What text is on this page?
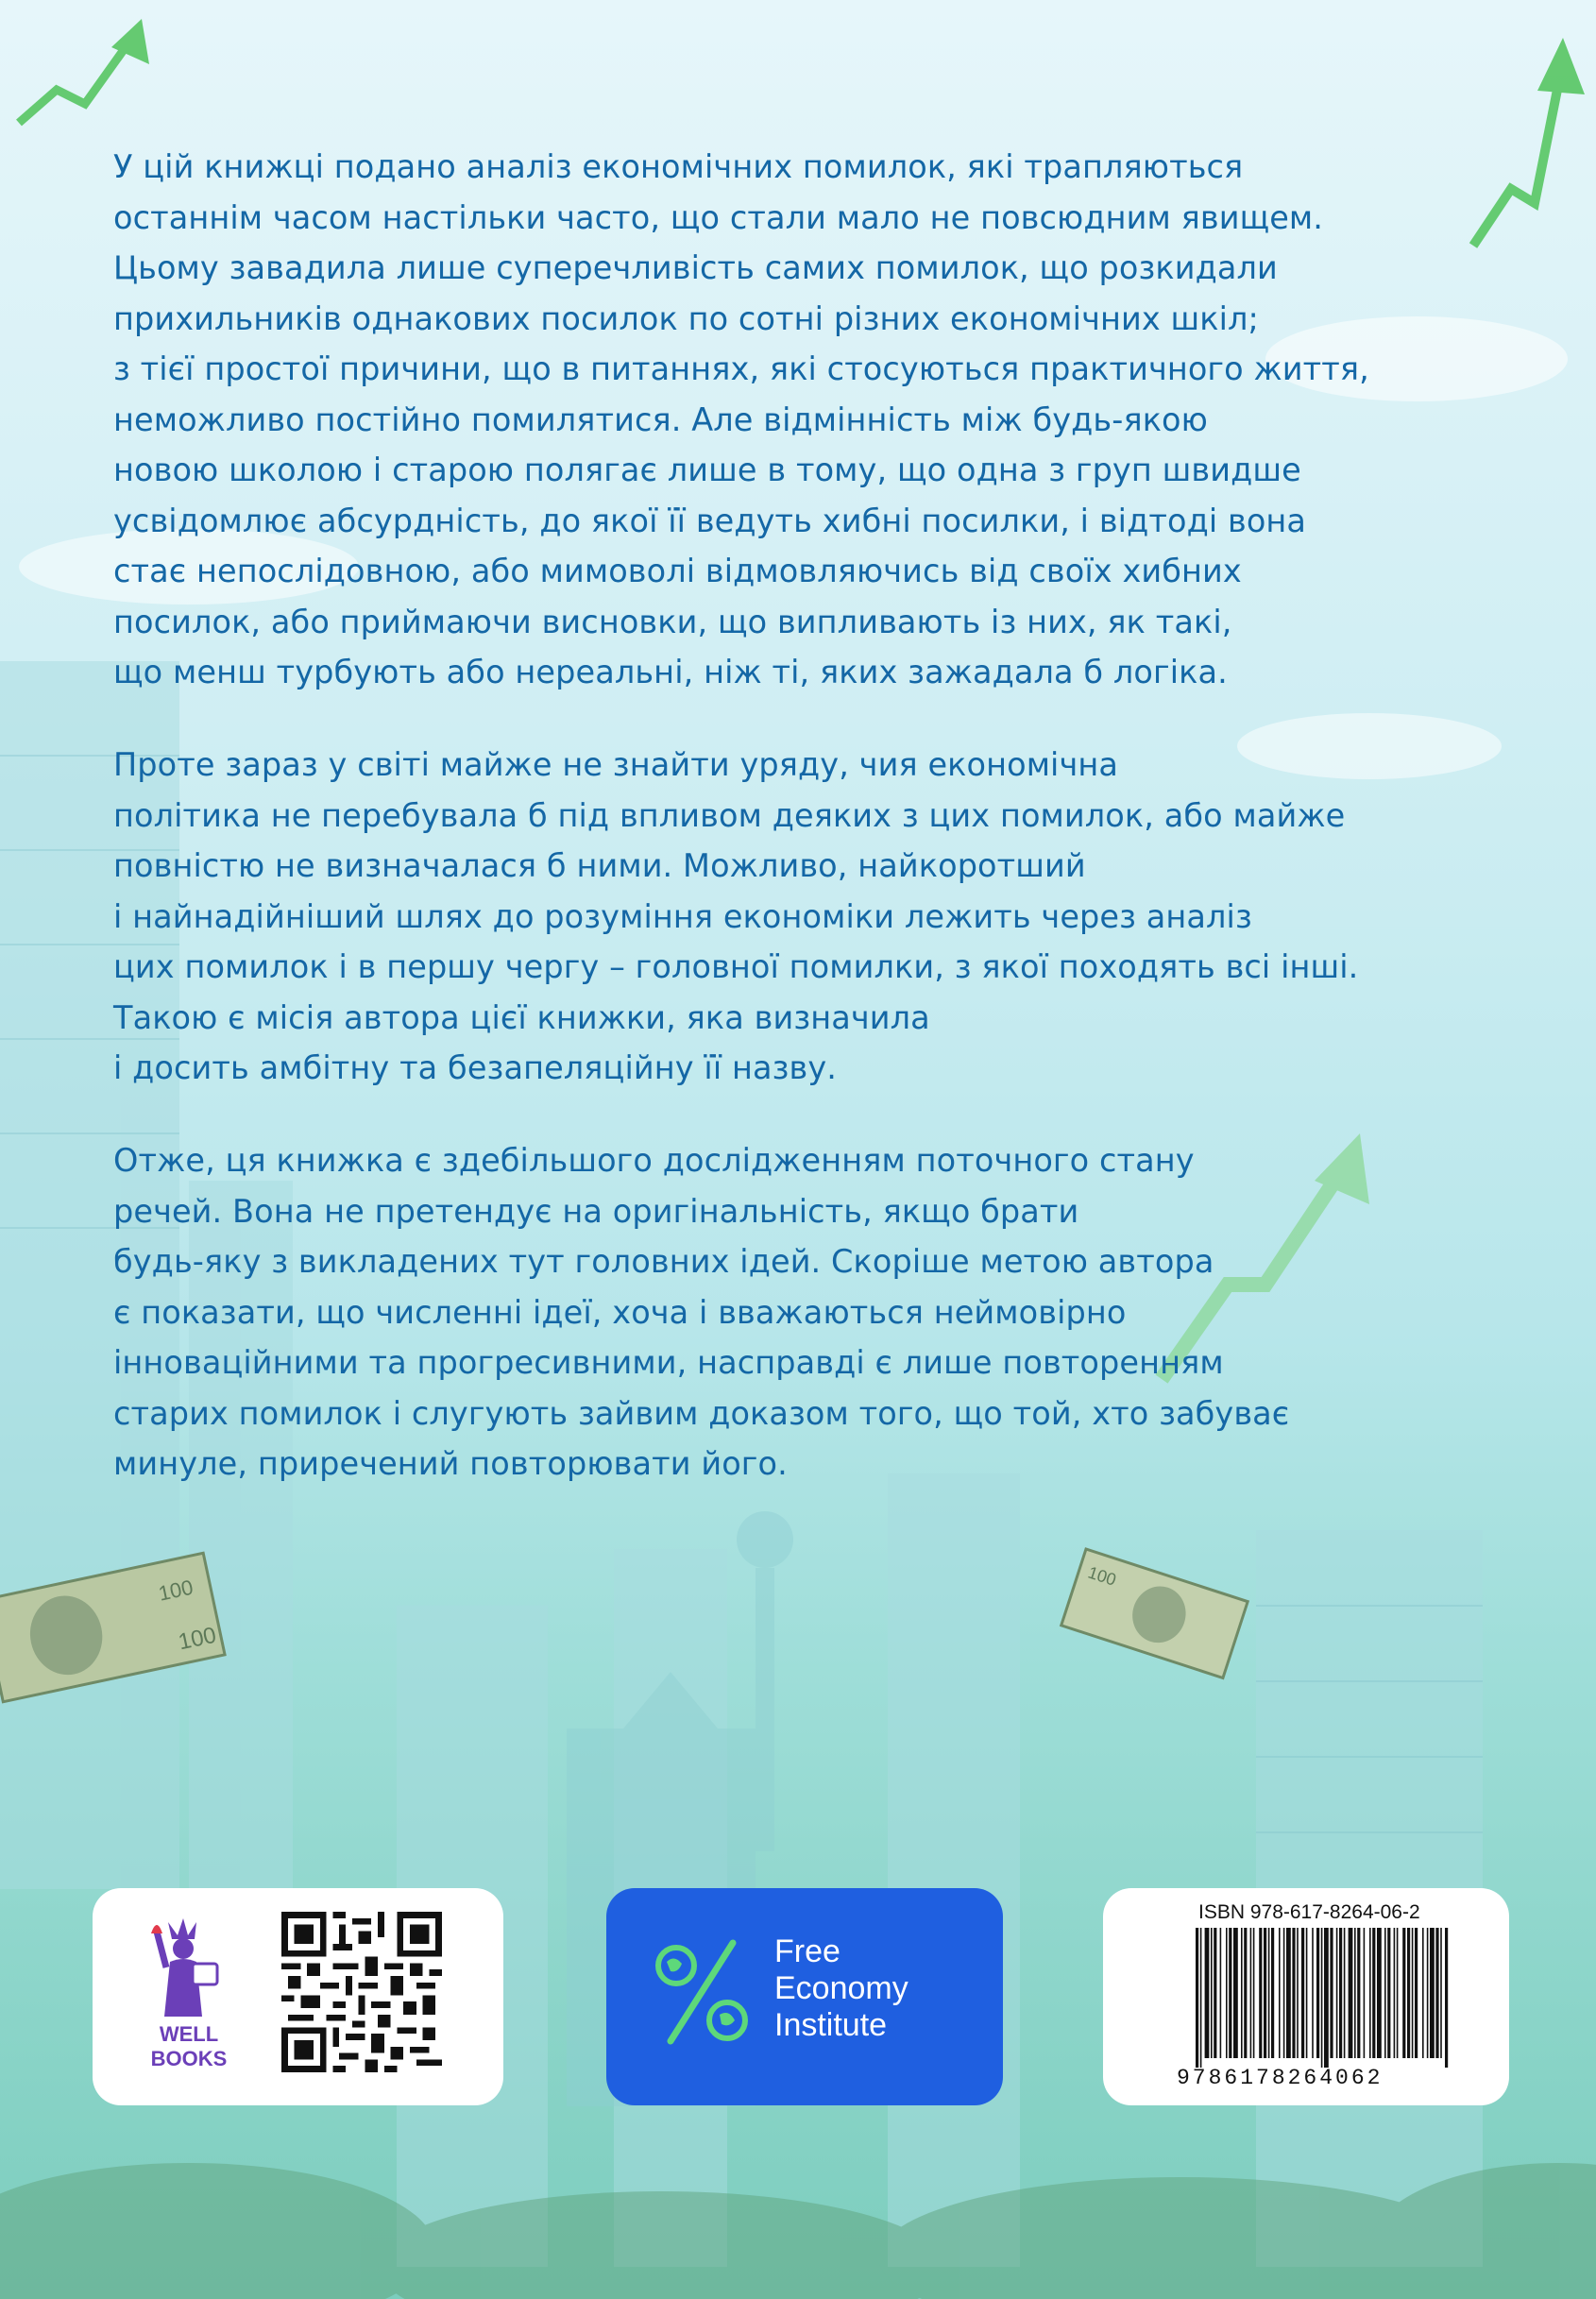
100
100
100
У цій книжці подано аналіз економічних помилок, які трапляються
останнім часом настільки часто, що стали мало не повсюдним явищем.
Цьому завадила лише суперечливість самих помилок, що розкидали
прихильників однакових посилок по сотні різних економічних шкіл;
з тієї простої причини, що в питаннях, які стосуються практичного життя,
неможливо постійно помилятися. Але відмінність між будь-якою
новою школою і старою полягає лише в тому, що одна з груп швидше
усвідомлює абсурдність, до якої її ведуть хибні посилки, і відтоді вона
стає непослідовною, або мимоволі відмовляючись від своїх хибних
посилок, або приймаючи висновки, що випливають із них, як такі,
що менш турбують або нереальні, ніж ті, яких зажадала б логіка.
Проте зараз у світі майже не знайти уряду, чия економічна
політика не перебувала б під впливом деяких з цих помилок, або майже
повністю не визначалася б ними. Можливо, найкоротший
і найнадійніший шлях до розуміння економіки лежить через аналіз
цих помилок і в першу чергу – головної помилки, з якої походять всі інші.
Такою є місія автора цієї книжки, яка визначила
і досить амбітну та безапеляційну її назву.
Отже, ця книжка є здебільшого дослідженням поточного стану
речей. Вона не претендує на оригінальність, якщо брати
будь-яку з викладених тут головних ідей. Скоріше метою автора
є показати, що численні ідеї, хоча і вважаються неймовірно
інноваційними та прогресивними, насправді є лише повторенням
старих помилок і слугують зайвим доказом того, що той, хто забуває
минуле, приречений повторювати його.
WELL
BOOKS
Free
Economy
Institute
ISBN 978-617-8264-06-2
9786178264062
